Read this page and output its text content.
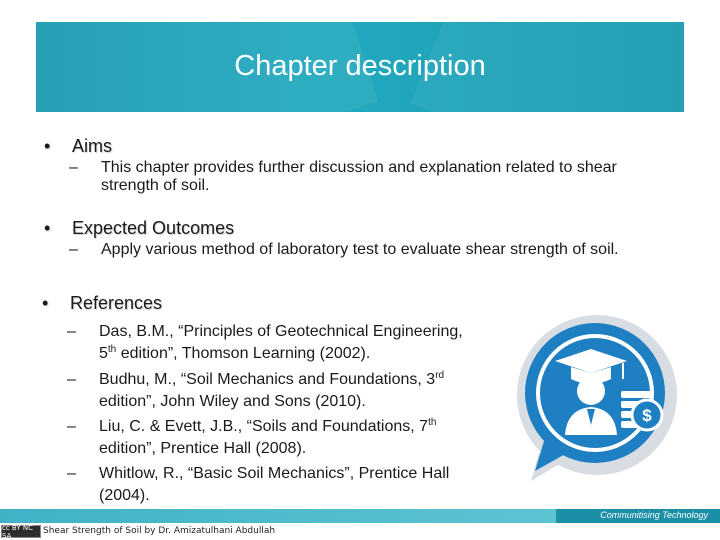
Chapter description
• Aims
–	This chapter provides further discussion and explanation related to shear strength of soil.
• Expected Outcomes
–	Apply various method of laboratory test to evaluate shear strength of soil.
• References
–	Das, B.M., “Principles of Geotechnical Engineering,
5th edition”, Thomson Learning (2002).
–	Budhu, M., “Soil Mechanics and Foundations, 3rd
edition”, John Wiley and Sons (2010).
–	Liu, C. & Evett, J.B., “Soils and Foundations, 7th
edition”, Prentice Hall (2008).
–	Whitlow, R., “Basic Soil Mechanics”, Prentice Hall
(2004).
$
Communitising Technology
cc BY NC SA	Shear Strength of Soil by Dr. Amizatulhani Abdullah
